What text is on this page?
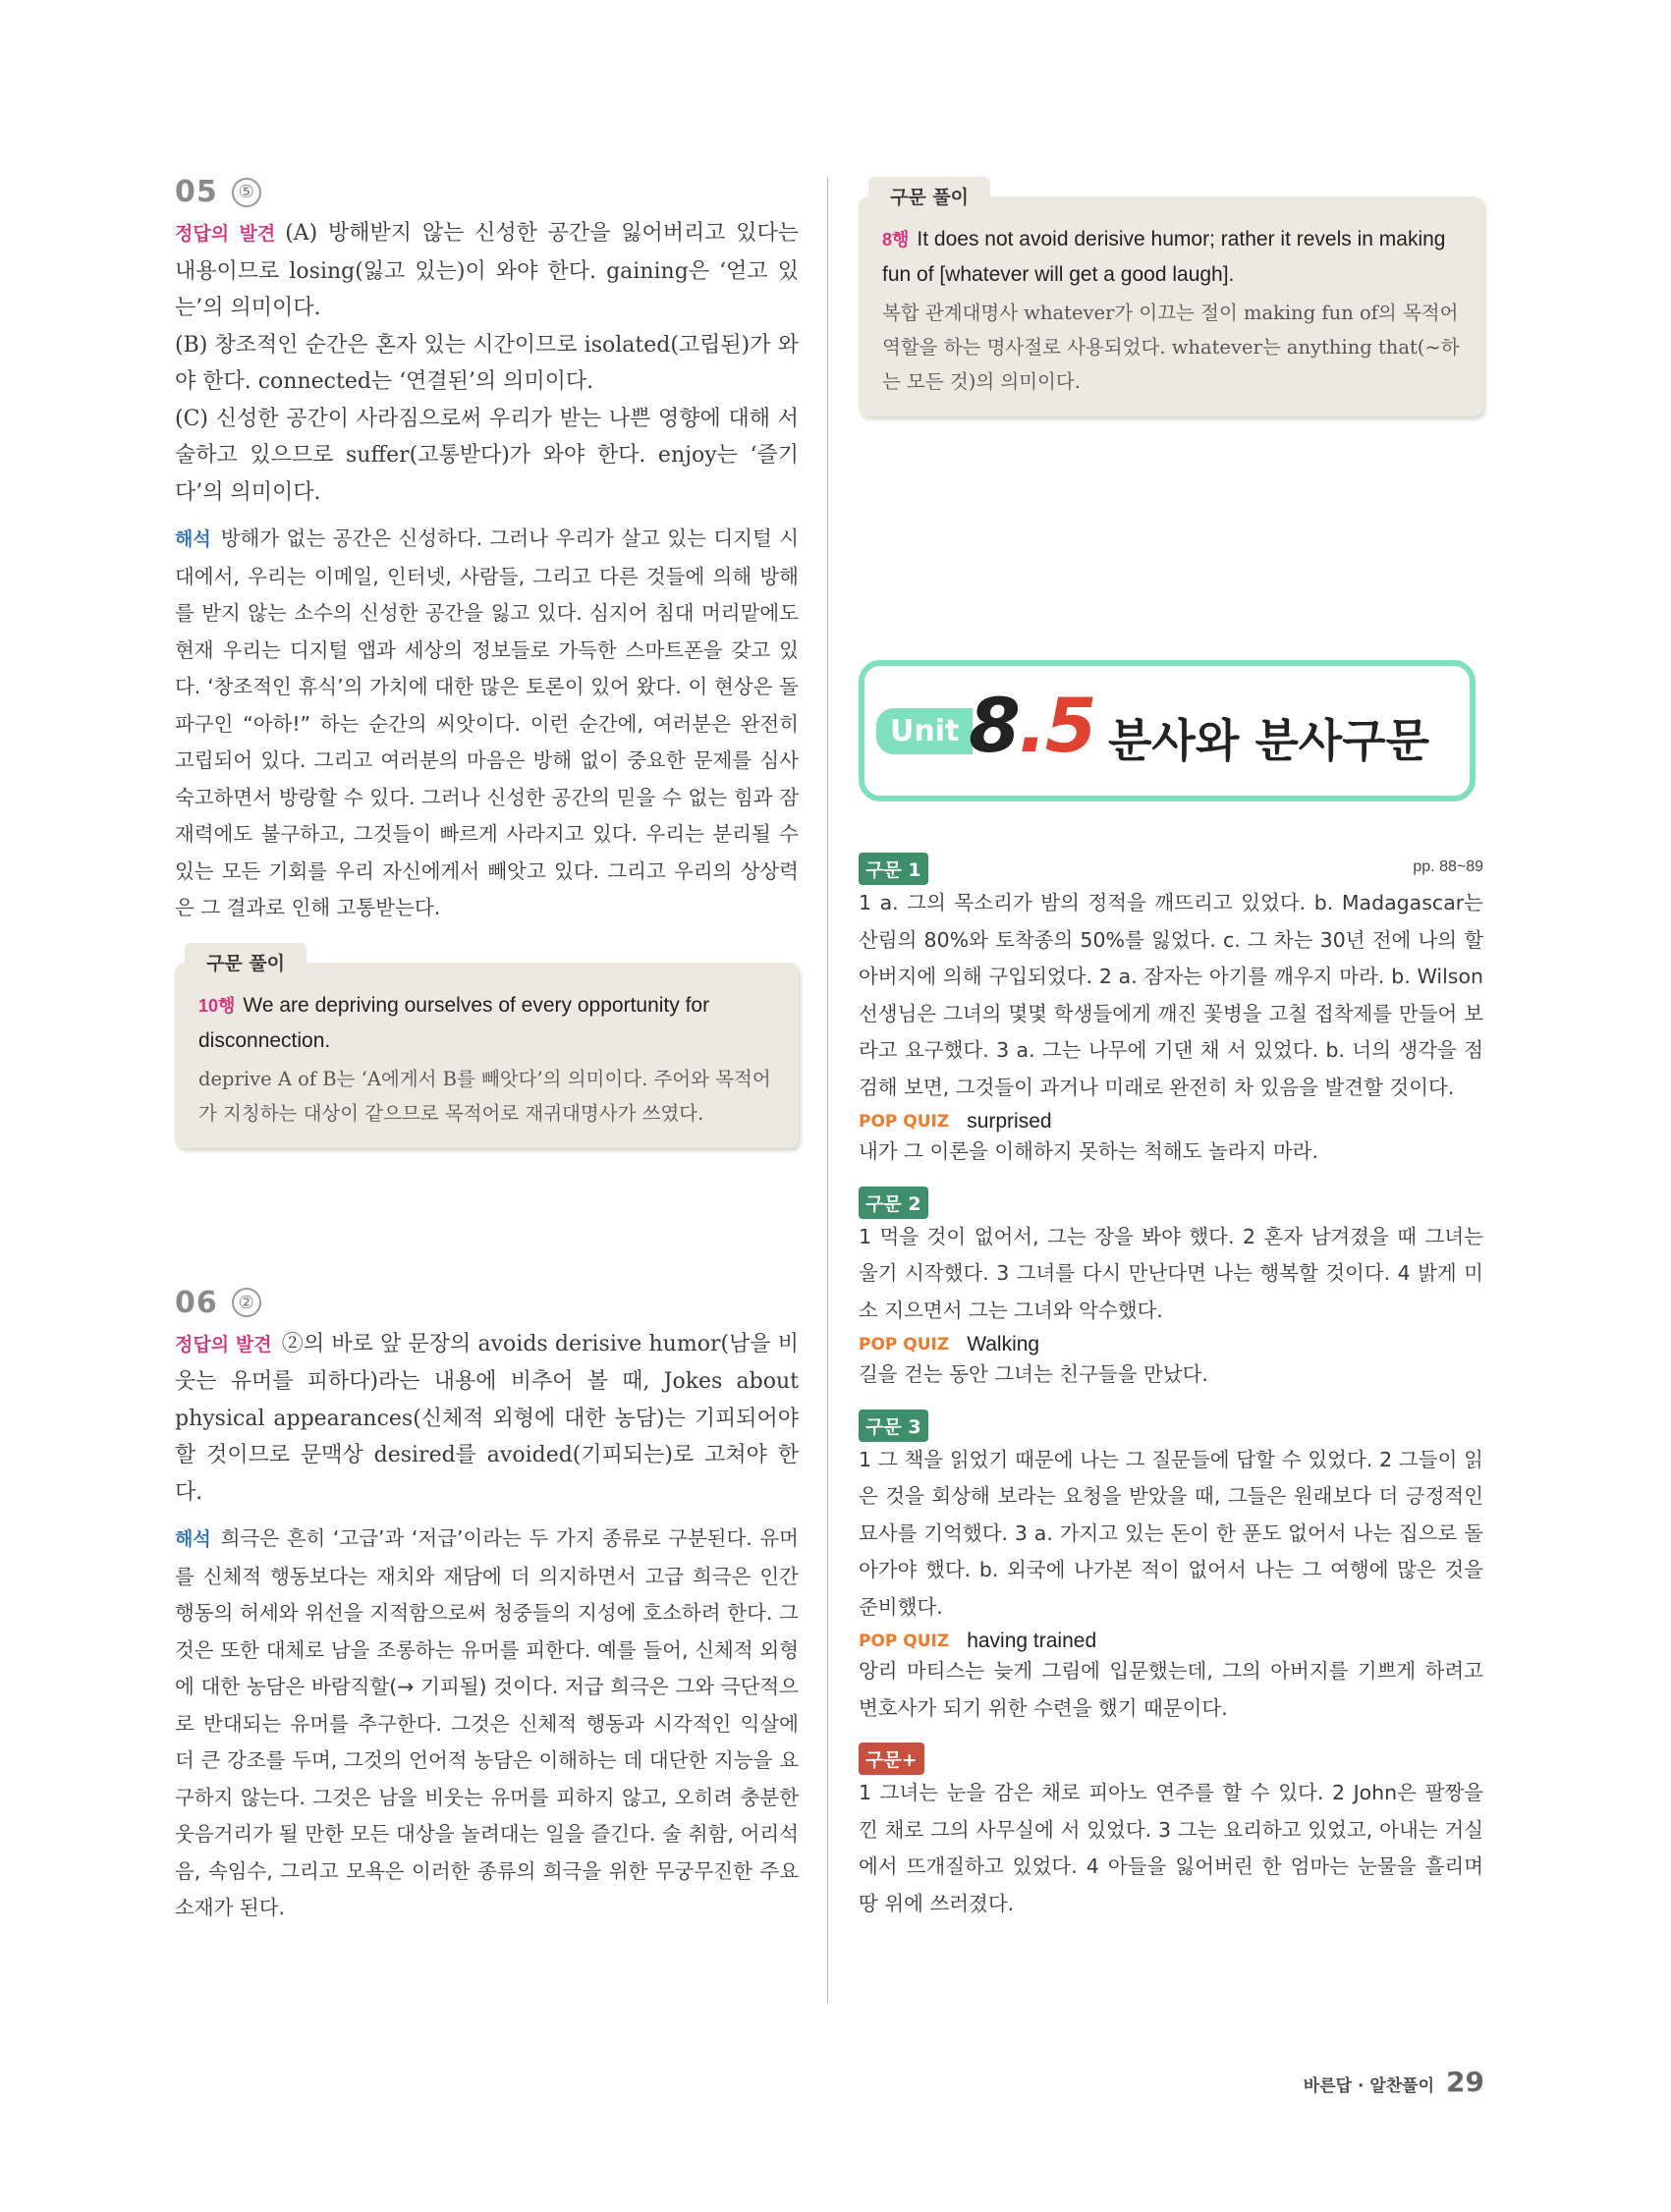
05	⑤

정답의 발견 (A) 방해받지 않는 신성한 공간을 잃어버리고 있다는 내용이므로 losing(잃고 있는)이 와야 한다. gaining은 ‘얻고 있는’의 의미이다.

(B) 창조적인 순간은 혼자 있는 시간이므로 isolated(고립된)가 와야 한다. connected는 ‘연결된’의 의미이다.

(C) 신성한 공간이 사라짐으로써 우리가 받는 나쁜 영향에 대해 서술하고 있으므로 suffer(고통받다)가 와야 한다. enjoy는 ‘즐기다’의 의미이다.

해석 방해가 없는 공간은 신성하다. 그러나 우리가 살고 있는 디지털 시대에서, 우리는 이메일, 인터넷, 사람들, 그리고 다른 것들에 의해 방해를 받지 않는 소수의 신성한 공간을 잃고 있다. 심지어 침대 머리맡에도 현재 우리는 디지털 앱과 세상의 정보들로 가득한 스마트폰을 갖고 있다. ‘창조적인 휴식’의 가치에 대한 많은 토론이 있어 왔다. 이 현상은 돌파구인 “아하!” 하는 순간의 씨앗이다. 이런 순간에, 여러분은 완전히 고립되어 있다. 그리고 여러분의 마음은 방해 없이 중요한 문제를 심사숙고하면서 방랑할 수 있다. 그러나 신성한 공간의 믿을 수 없는 힘과 잠재력에도 불구하고, 그것들이 빠르게 사라지고 있다. 우리는 분리될 수 있는 모든 기회를 우리 자신에게서 빼앗고 있다. 그리고 우리의 상상력은 그 결과로 인해 고통받는다.

구문 풀이

10행 We are depriving ourselves of every opportunity for disconnection.

deprive A of B는 ‘A에게서 B를 빼앗다’의 의미이다. 주어와 목적어가 지칭하는 대상이 같으므로 목적어로 재귀대명사가 쓰였다.

06	②

정답의 발견 ②의 바로 앞 문장의 avoids derisive humor(남을 비웃는 유머를 피하다)라는 내용에 비추어 볼 때, Jokes about physical appearances(신체적 외형에 대한 농담)는 기피되어야 할 것이므로 문맥상 desired를 avoided(기피되는)로 고쳐야 한다.

해석 희극은 흔히 ‘고급’과 ‘저급’이라는 두 가지 종류로 구분된다. 유머를 신체적 행동보다는 재치와 재담에 더 의지하면서 고급 희극은 인간 행동의 허세와 위선을 지적함으로써 청중들의 지성에 호소하려 한다. 그것은 또한 대체로 남을 조롱하는 유머를 피한다. 예를 들어, 신체적 외형에 대한 농담은 바람직할(→ 기피될) 것이다. 저급 희극은 그와 극단적으로 반대되는 유머를 추구한다. 그것은 신체적 행동과 시각적인 익살에 더 큰 강조를 두며, 그것의 언어적 농담은 이해하는 데 대단한 지능을 요구하지 않는다. 그것은 남을 비웃는 유머를 피하지 않고, 오히려 충분한 웃음거리가 될 만한 모든 대상을 놀려대는 일을 즐긴다. 술 취함, 어리석음, 속임수, 그리고 모욕은 이러한 종류의 희극을 위한 무궁무진한 주요 소재가 된다.

구문 풀이

8행 It does not avoid derisive humor; rather it revels in making fun of [whatever will get a good laugh].

복합 관계대명사 whatever가 이끄는 절이 making fun of의 목적어 역할을 하는 명사절로 사용되었다. whatever는 anything that(~하는 모든 것)의 의미이다.

Unit 8.5 분사와 분사구문
구문 1	pp. 88~89

1 a. 그의 목소리가 밤의 정적을 깨뜨리고 있었다. b. Madagascar는 산림의 80%와 토착종의 50%를 잃었다. c. 그 차는 30년 전에 나의 할아버지에 의해 구입되었다. 2 a. 잠자는 아기를 깨우지 마라. b. Wilson 선생님은 그녀의 몇몇 학생들에게 깨진 꽃병을 고칠 접착제를 만들어 보라고 요구했다. 3 a. 그는 나무에 기댄 채 서 있었다. b. 너의 생각을 점검해 보면, 그것들이 과거나 미래로 완전히 차 있음을 발견할 것이다.

POP QUIZ surprised

내가 그 이론을 이해하지 못하는 척해도 놀라지 마라.

구문 2

1 먹을 것이 없어서, 그는 장을 봐야 했다. 2 혼자 남겨졌을 때 그녀는 울기 시작했다. 3 그녀를 다시 만난다면 나는 행복할 것이다. 4 밝게 미소 지으면서 그는 그녀와 악수했다.

POP QUIZ Walking

길을 걷는 동안 그녀는 친구들을 만났다.

구문 3

1 그 책을 읽었기 때문에 나는 그 질문들에 답할 수 있었다. 2 그들이 읽은 것을 회상해 보라는 요청을 받았을 때, 그들은 원래보다 더 긍정적인 묘사를 기억했다. 3 a. 가지고 있는 돈이 한 푼도 없어서 나는 집으로 돌아가야 했다. b. 외국에 나가본 적이 없어서 나는 그 여행에 많은 것을 준비했다.

POP QUIZ having trained

앙리 마티스는 늦게 그림에 입문했는데, 그의 아버지를 기쁘게 하려고 변호사가 되기 위한 수련을 했기 때문이다.

구문+

1 그녀는 눈을 감은 채로 피아노 연주를 할 수 있다. 2 John은 팔짱을 낀 채로 그의 사무실에 서 있었다. 3 그는 요리하고 있었고, 아내는 거실에서 뜨개질하고 있었다. 4 아들을 잃어버린 한 엄마는 눈물을 흘리며 땅 위에 쓰러졌다.

바른답 · 알찬풀이 29
